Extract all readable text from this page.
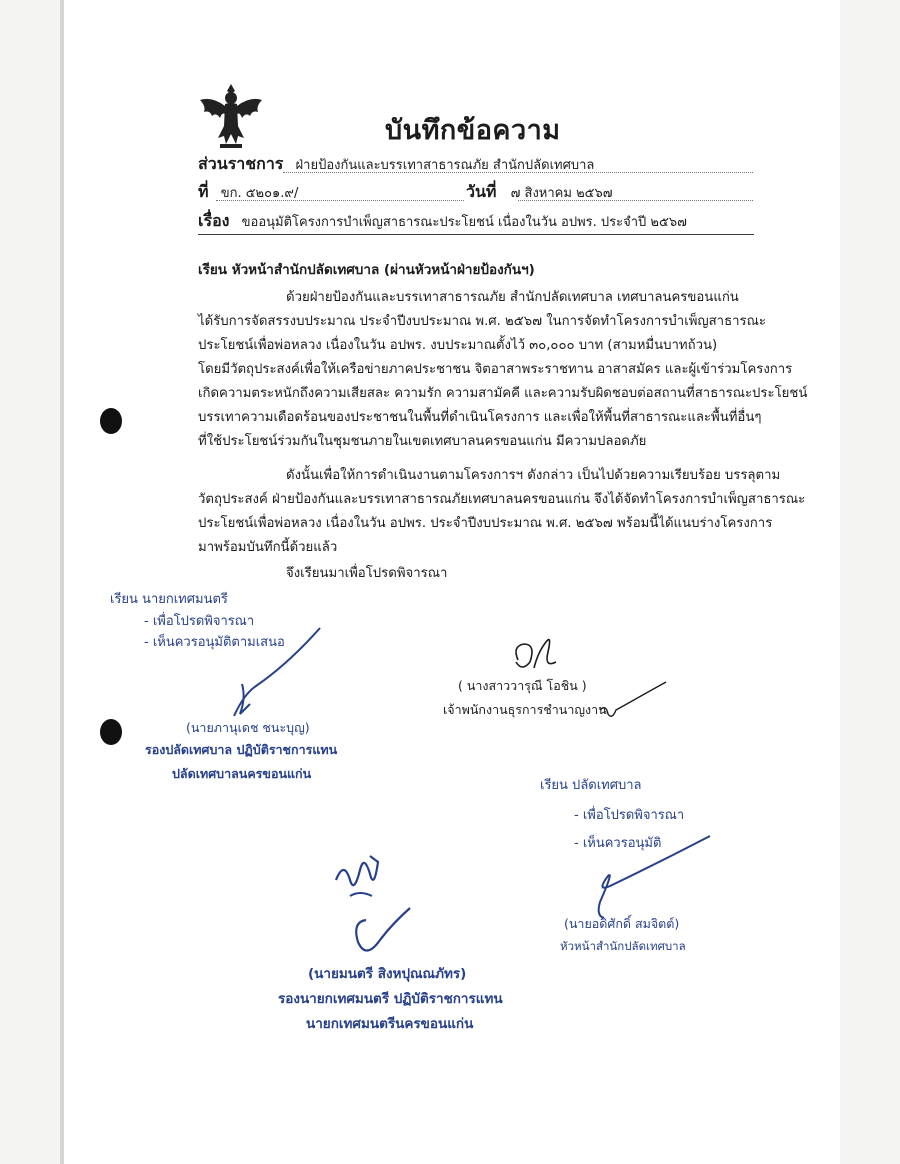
บันทึกข้อความ
ส่วนราชการ ฝ่ายป้องกันและบรรเทาสาธารณภัย สำนักปลัดเทศบาล
ที่ ขก. ๕๒๐๑.๙/	วันที่ ๗ สิงหาคม ๒๕๖๗
เรื่อง ขออนุมัติโครงการบำเพ็ญสาธารณะประโยชน์ เนื่องในวัน อปพร. ประจำปี ๒๕๖๗
เรียน หัวหน้าสำนักปลัดเทศบาล (ผ่านหัวหน้าฝ่ายป้องกันฯ)
ด้วยฝ่ายป้องกันและบรรเทาสาธารณภัย สำนักปลัดเทศบาล เทศบาลนครขอนแก่น
ได้รับการจัดสรรงบประมาณ ประจำปีงบประมาณ พ.ศ. ๒๕๖๗ ในการจัดทำโครงการบำเพ็ญสาธารณะ
ประโยชน์เพื่อพ่อหลวง เนื่องในวัน อปพร. งบประมาณตั้งไว้ ๓๐,๐๐๐ บาท (สามหมื่นบาทถ้วน)
โดยมีวัตถุประสงค์เพื่อให้เครือข่ายภาคประชาชน จิตอาสาพระราชทาน อาสาสมัคร และผู้เข้าร่วมโครงการ
เกิดความตระหนักถึงความเสียสละ ความรัก ความสามัคคี และความรับผิดชอบต่อสถานที่สาธารณะประโยชน์
บรรเทาความเดือดร้อนของประชาชนในพื้นที่ดำเนินโครงการ และเพื่อให้พื้นที่สาธารณะและพื้นที่อื่นๆ
ที่ใช้ประโยชน์ร่วมกันในชุมชนภายในเขตเทศบาลนครขอนแก่น มีความปลอดภัย
ดังนั้นเพื่อให้การดำเนินงานตามโครงการฯ ดังกล่าว เป็นไปด้วยความเรียบร้อย บรรลุตาม
วัตถุประสงค์ ฝ่ายป้องกันและบรรเทาสาธารณภัยเทศบาลนครขอนแก่น จึงได้จัดทำโครงการบำเพ็ญสาธารณะ
ประโยชน์เพื่อพ่อหลวง เนื่องในวัน อปพร. ประจำปีงบประมาณ พ.ศ. ๒๕๖๗ พร้อมนี้ได้แนบร่างโครงการ
มาพร้อมบันทึกนี้ด้วยแล้ว
จึงเรียนมาเพื่อโปรดพิจารณา
เรียน นายกเทศมนตรี
- เพื่อโปรดพิจารณา
- เห็นควรอนุมัติตามเสนอ
(นายภานุเดช ชนะบุญ)
รองปลัดเทศบาล ปฏิบัติราชการแทน
ปลัดเทศบาลนครขอนแก่น
( นางสาววารุณี โอชิน )
เจ้าพนักงานธุรการชำนาญงาน
เรียน ปลัดเทศบาล
- เพื่อโปรดพิจารณา
- เห็นควรอนุมัติ
(นายอดิศักดิ์ สมจิตต์)
หัวหน้าสำนักปลัดเทศบาล
(นายมนตรี สิงหปุณณภัทร)
รองนายกเทศมนตรี ปฏิบัติราชการแทน
นายกเทศมนตรีนครขอนแก่น
